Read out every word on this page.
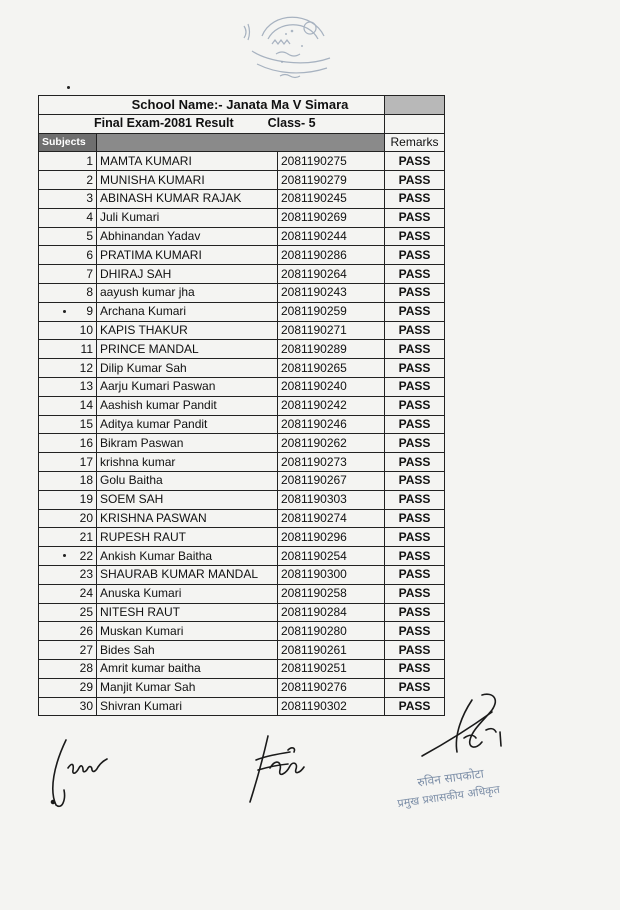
School Name:- Janata Ma V Simara			
Final Exam-2081 Result Class- 5			
Subjects			Remarks
1	MAMTA KUMARI	2081190275	PASS
2	MUNISHA KUMARI	2081190279	PASS
3	ABINASH KUMAR RAJAK	2081190245	PASS
4	Juli Kumari	2081190269	PASS
5	Abhinandan Yadav	2081190244	PASS
6	PRATIMA KUMARI	2081190286	PASS
7	DHIRAJ SAH	2081190264	PASS
8	aayush kumar jha	2081190243	PASS
9	Archana Kumari	2081190259	PASS
10	KAPIS THAKUR	2081190271	PASS
11	PRINCE MANDAL	2081190289	PASS
12	Dilip Kumar Sah	2081190265	PASS
13	Aarju Kumari Paswan	2081190240	PASS
14	Aashish kumar Pandit	2081190242	PASS
15	Aditya kumar Pandit	2081190246	PASS
16	Bikram Paswan	2081190262	PASS
17	krishna kumar	2081190273	PASS
18	Golu Baitha	2081190267	PASS
19	SOEM SAH	2081190303	PASS
20	KRISHNA PASWAN	2081190274	PASS
21	RUPESH RAUT	2081190296	PASS
22	Ankish Kumar Baitha	2081190254	PASS
23	SHAURAB KUMAR MANDAL	2081190300	PASS
24	Anuska Kumari	2081190258	PASS
25	NITESH RAUT	2081190284	PASS
26	Muskan Kumari	2081190280	PASS
27	Bides Sah	2081190261	PASS
28	Amrit kumar baitha	2081190251	PASS
29	Manjit Kumar Sah	2081190276	PASS
30	Shivran Kumari	2081190302	PASS
रुविन सापकोटा
प्रमुख प्रशासकीय अधिकृत
